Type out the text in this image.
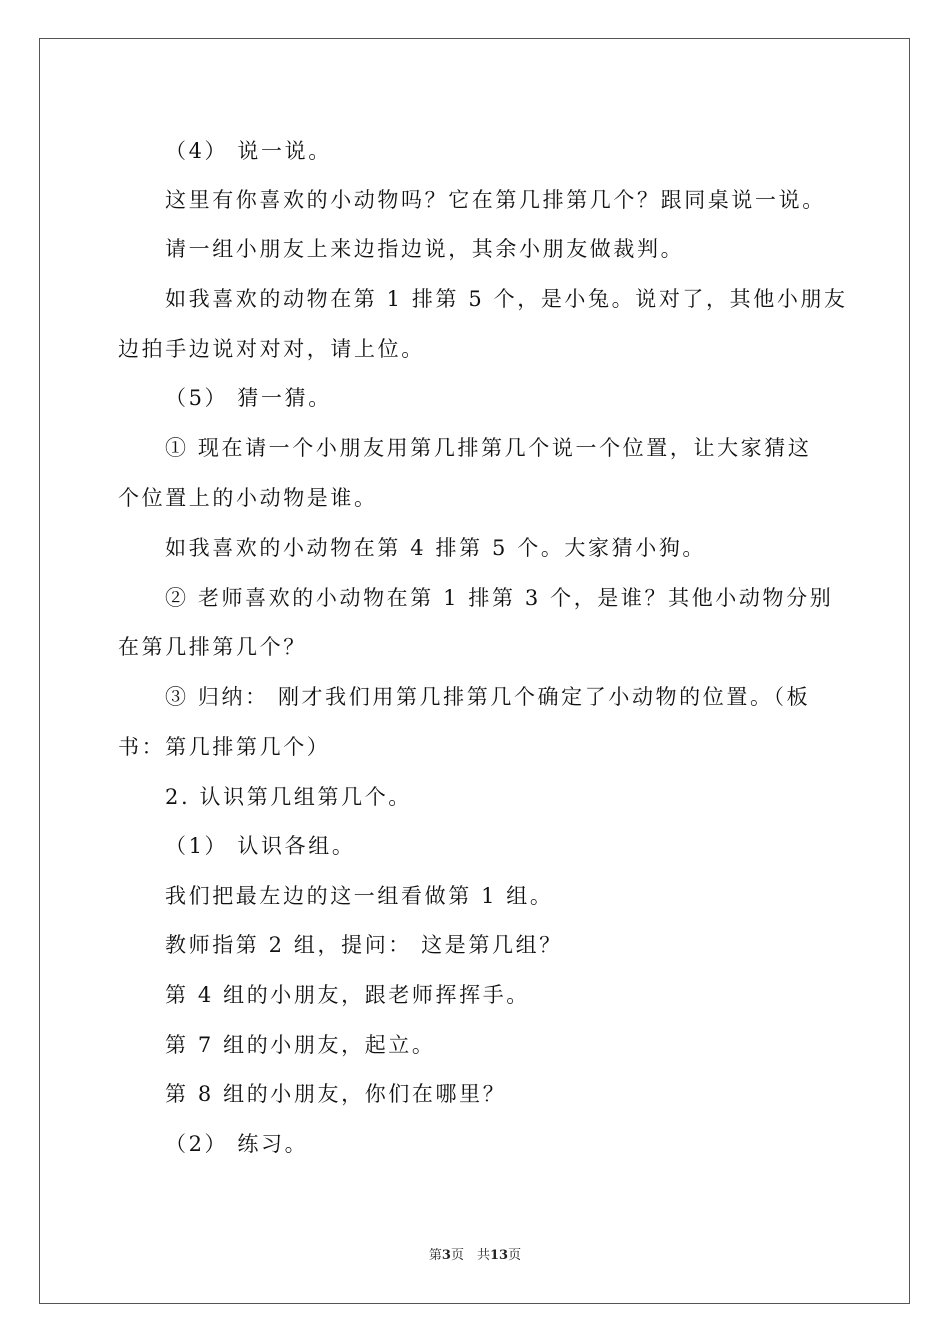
（4） 说一说。
这里有你喜欢的小动物吗？它在第几排第几个？跟同桌说一说。
请一组小朋友上来边指边说，其余小朋友做裁判。
如我喜欢的动物在第 1 排第 5 个，是小兔。说对了，其他小朋友
边拍手边说对对对，请上位。
（5） 猜一猜。
① 现在请一个小朋友用第几排第几个说一个位置，让大家猜这
个位置上的小动物是谁。
如我喜欢的小动物在第 4 排第 5 个。大家猜小狗。
② 老师喜欢的小动物在第 1 排第 3 个，是谁？其他小动物分别
在第几排第几个？
③ 归纳： 刚才我们用第几排第几个确定了小动物的位置。（板
书：第几排第几个）
2. 认识第几组第几个。
（1） 认识各组。
我们把最左边的这一组看做第 1 组。
教师指第 2 组，提问： 这是第几组？
第 4 组的小朋友，跟老师挥挥手。
第 7 组的小朋友，起立。
第 8 组的小朋友，你们在哪里？
（2） 练习。
第3页　共13页
